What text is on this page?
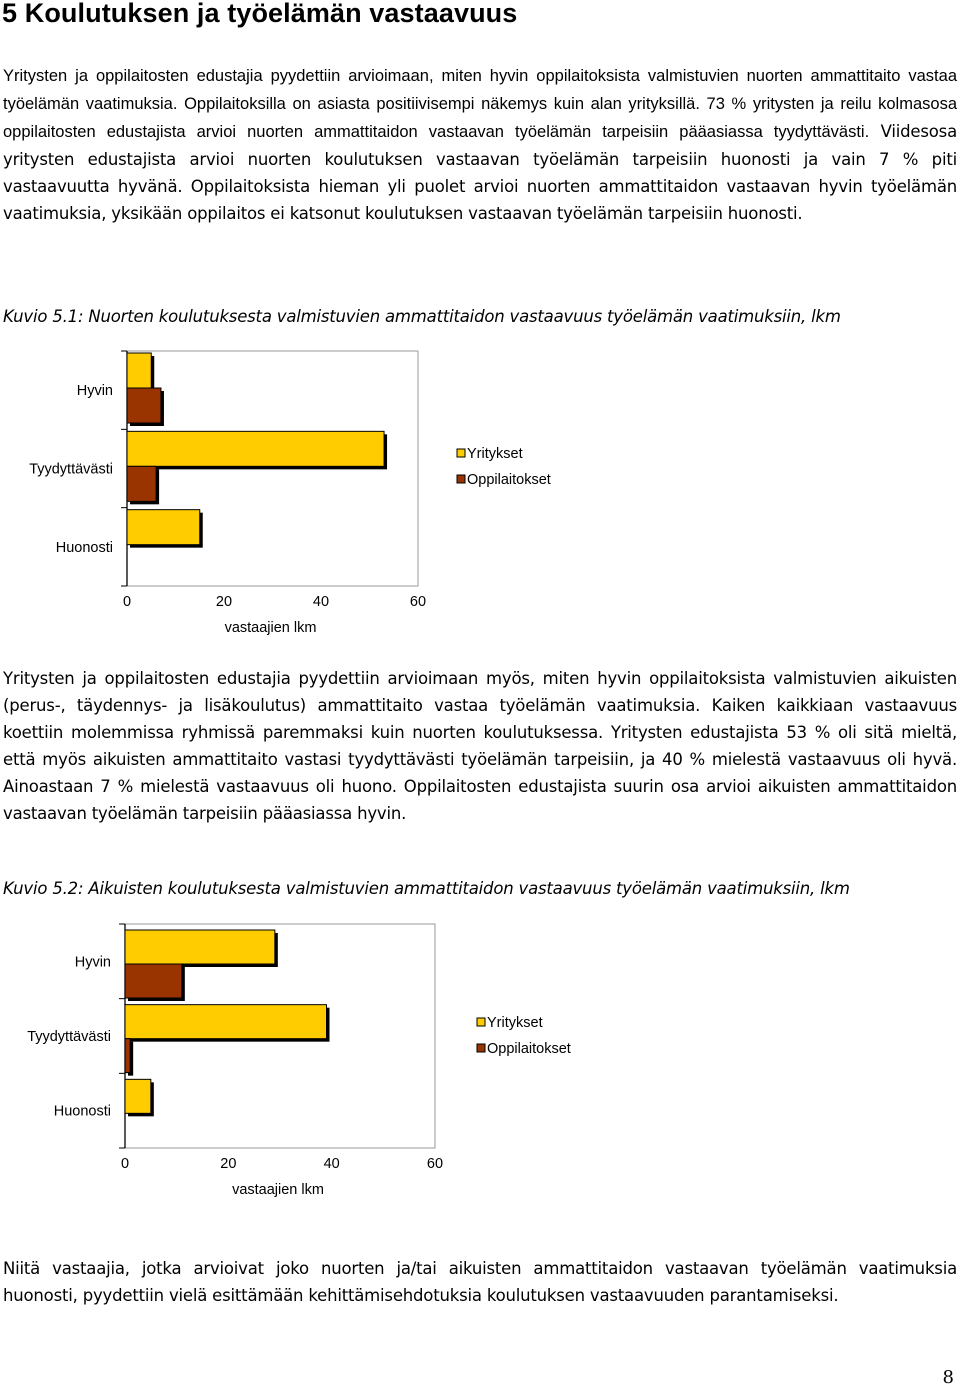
5 Koulutuksen ja työelämän vastaavuus

Yritysten ja oppilaitosten edustajia pyydettiin arvioimaan, miten hyvin oppilaitoksista valmistuvien nuorten ammattitaito vastaa työelämän vaatimuksia. Oppilaitoksilla on asiasta positiivisempi näkemys kuin alan yrityksillä. 73 % yritysten ja reilu kolmasosa oppilaitosten edustajista arvioi nuorten ammattitaidon vastaavan työelämän tarpeisiin pääasiassa tyydyttävästi. Viidesosa yritysten edustajista arvioi nuorten koulutuksen vastaavan työelämän tarpeisiin huonosti ja vain 7 % piti vastaavuutta hyvänä. Oppilaitoksista hieman yli puolet arvioi nuorten ammattitaidon vastaavan hyvin työelämän vaatimuksia, yksikään oppilaitos ei katsonut koulutuksen vastaavan työelämän tarpeisiin huonosti.

Kuvio 5.1: Nuorten koulutuksesta valmistuvien ammattitaidon vastaavuus työelämän vaatimuksiin, lkm

Hyvin
Tyydyttävästi
Huonosti
0	20	40	60
vastaajien lkm
Yritykset
Oppilaitokset

Yritysten ja oppilaitosten edustajia pyydettiin arvioimaan myös, miten hyvin oppilaitoksista valmistuvien aikuisten (perus-, täydennys- ja lisäkoulutus) ammattitaito vastaa työelämän vaatimuksia. Kaiken kaikkiaan vastaavuus koettiin molemmissa ryhmissä paremmaksi kuin nuorten koulutuksessa. Yritysten edustajista 53 % oli sitä mieltä, että myös aikuisten ammattitaito vastasi tyydyttävästi työelämän tarpeisiin, ja 40 % mielestä vastaavuus oli hyvä. Ainoastaan 7 % mielestä vastaavuus oli huono. Oppilaitosten edustajista suurin osa arvioi aikuisten ammattitaidon vastaavan työelämän tarpeisiin pääasiassa hyvin.

Kuvio 5.2: Aikuisten koulutuksesta valmistuvien ammattitaidon vastaavuus työelämän vaatimuksiin, lkm

Hyvin
Tyydyttävästi
Huonosti
0	20	40	60
vastaajien lkm
Yritykset
Oppilaitokset

Niitä vastaajia, jotka arvioivat joko nuorten ja/tai aikuisten ammattitaidon vastaavan työelämän vaatimuksia huonosti, pyydettiin vielä esittämään kehittämisehdotuksia koulutuksen vastaavuuden parantamiseksi.

8
